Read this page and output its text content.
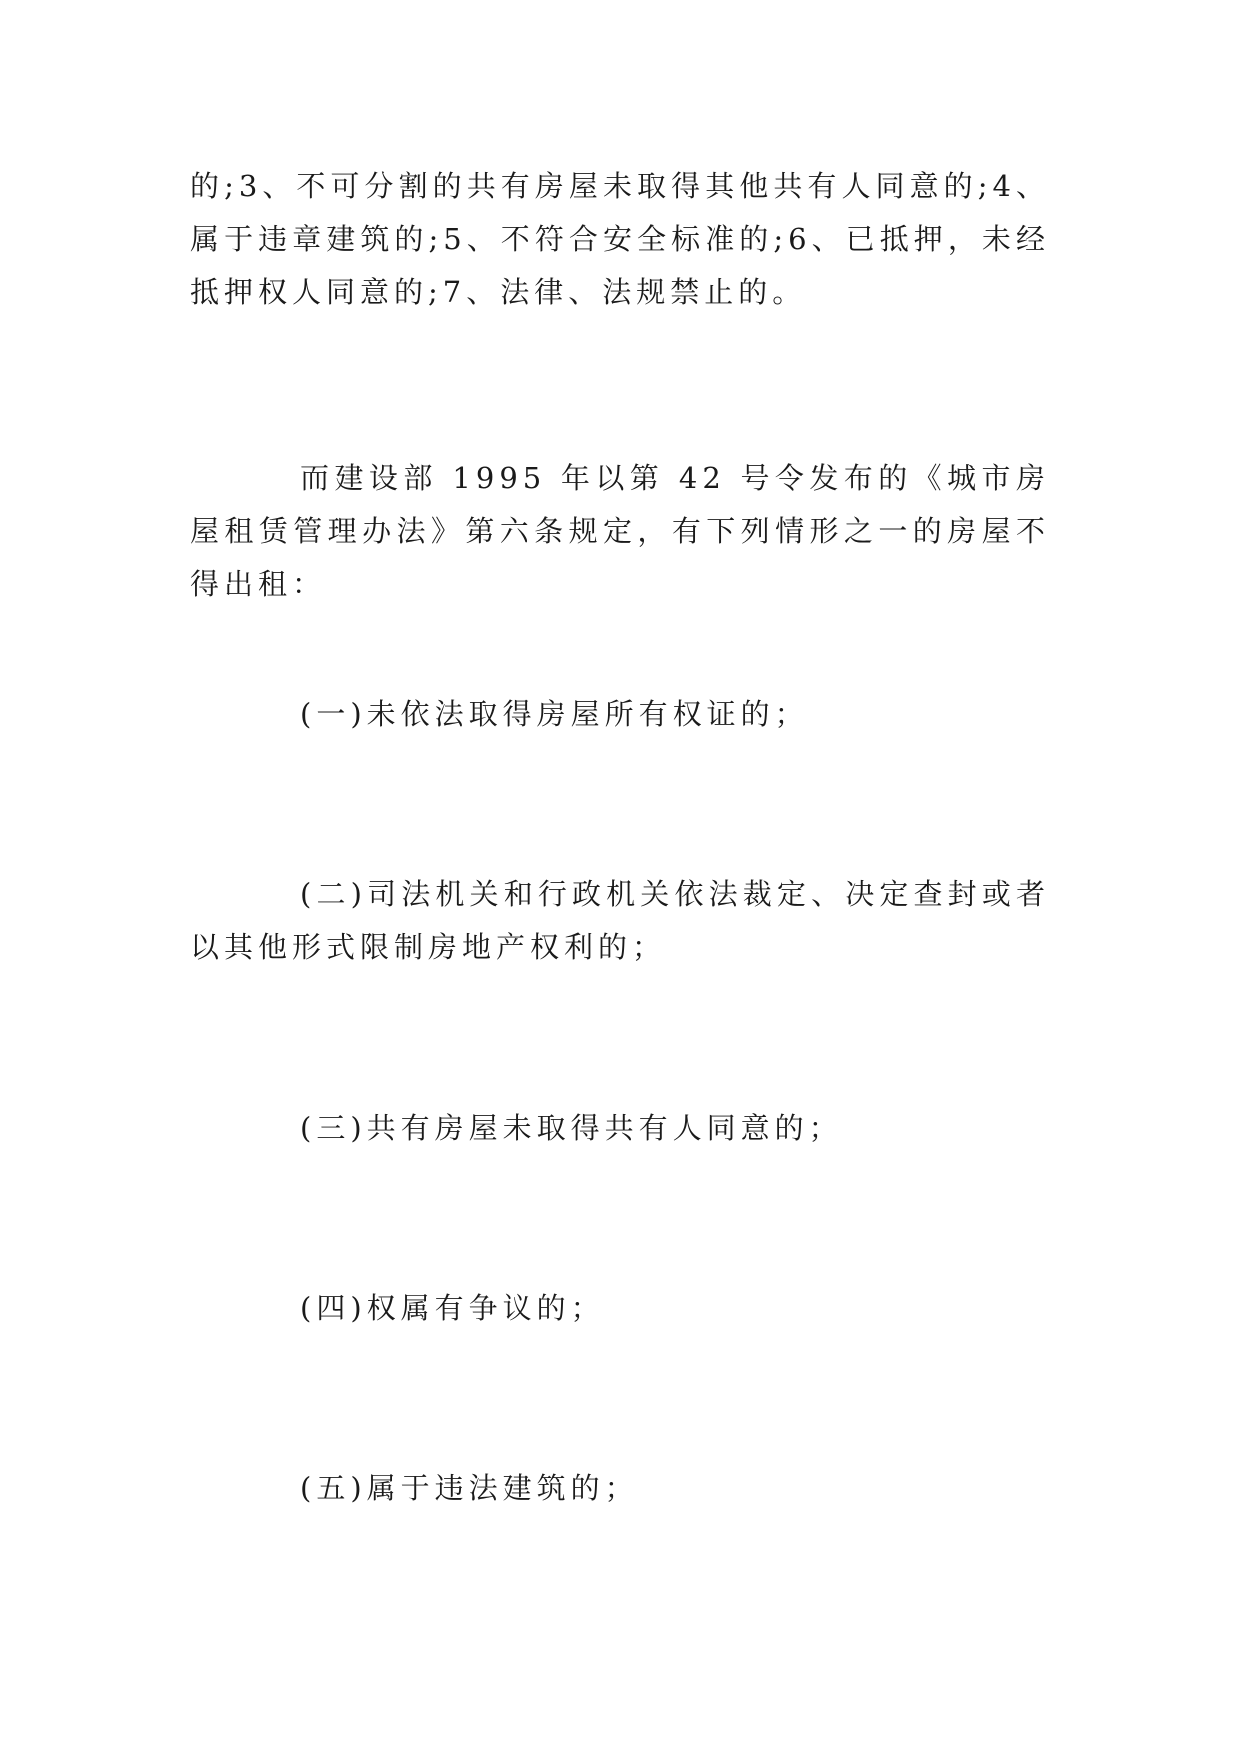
的;3、不可分割的共有房屋未取得其他共有人同意的;4、属于违章建筑的;5、不符合安全标准的;6、已抵押，未经抵押权人同意的;7、法律、法规禁止的。

而建设部 1995 年以第 42 号令发布的《城市房屋租赁管理办法》第六条规定，有下列情形之一的房屋不得出租：

(一)未依法取得房屋所有权证的；

(二)司法机关和行政机关依法裁定、决定查封或者以其他形式限制房地产权利的；

(三)共有房屋未取得共有人同意的；

(四)权属有争议的；

(五)属于违法建筑的；
